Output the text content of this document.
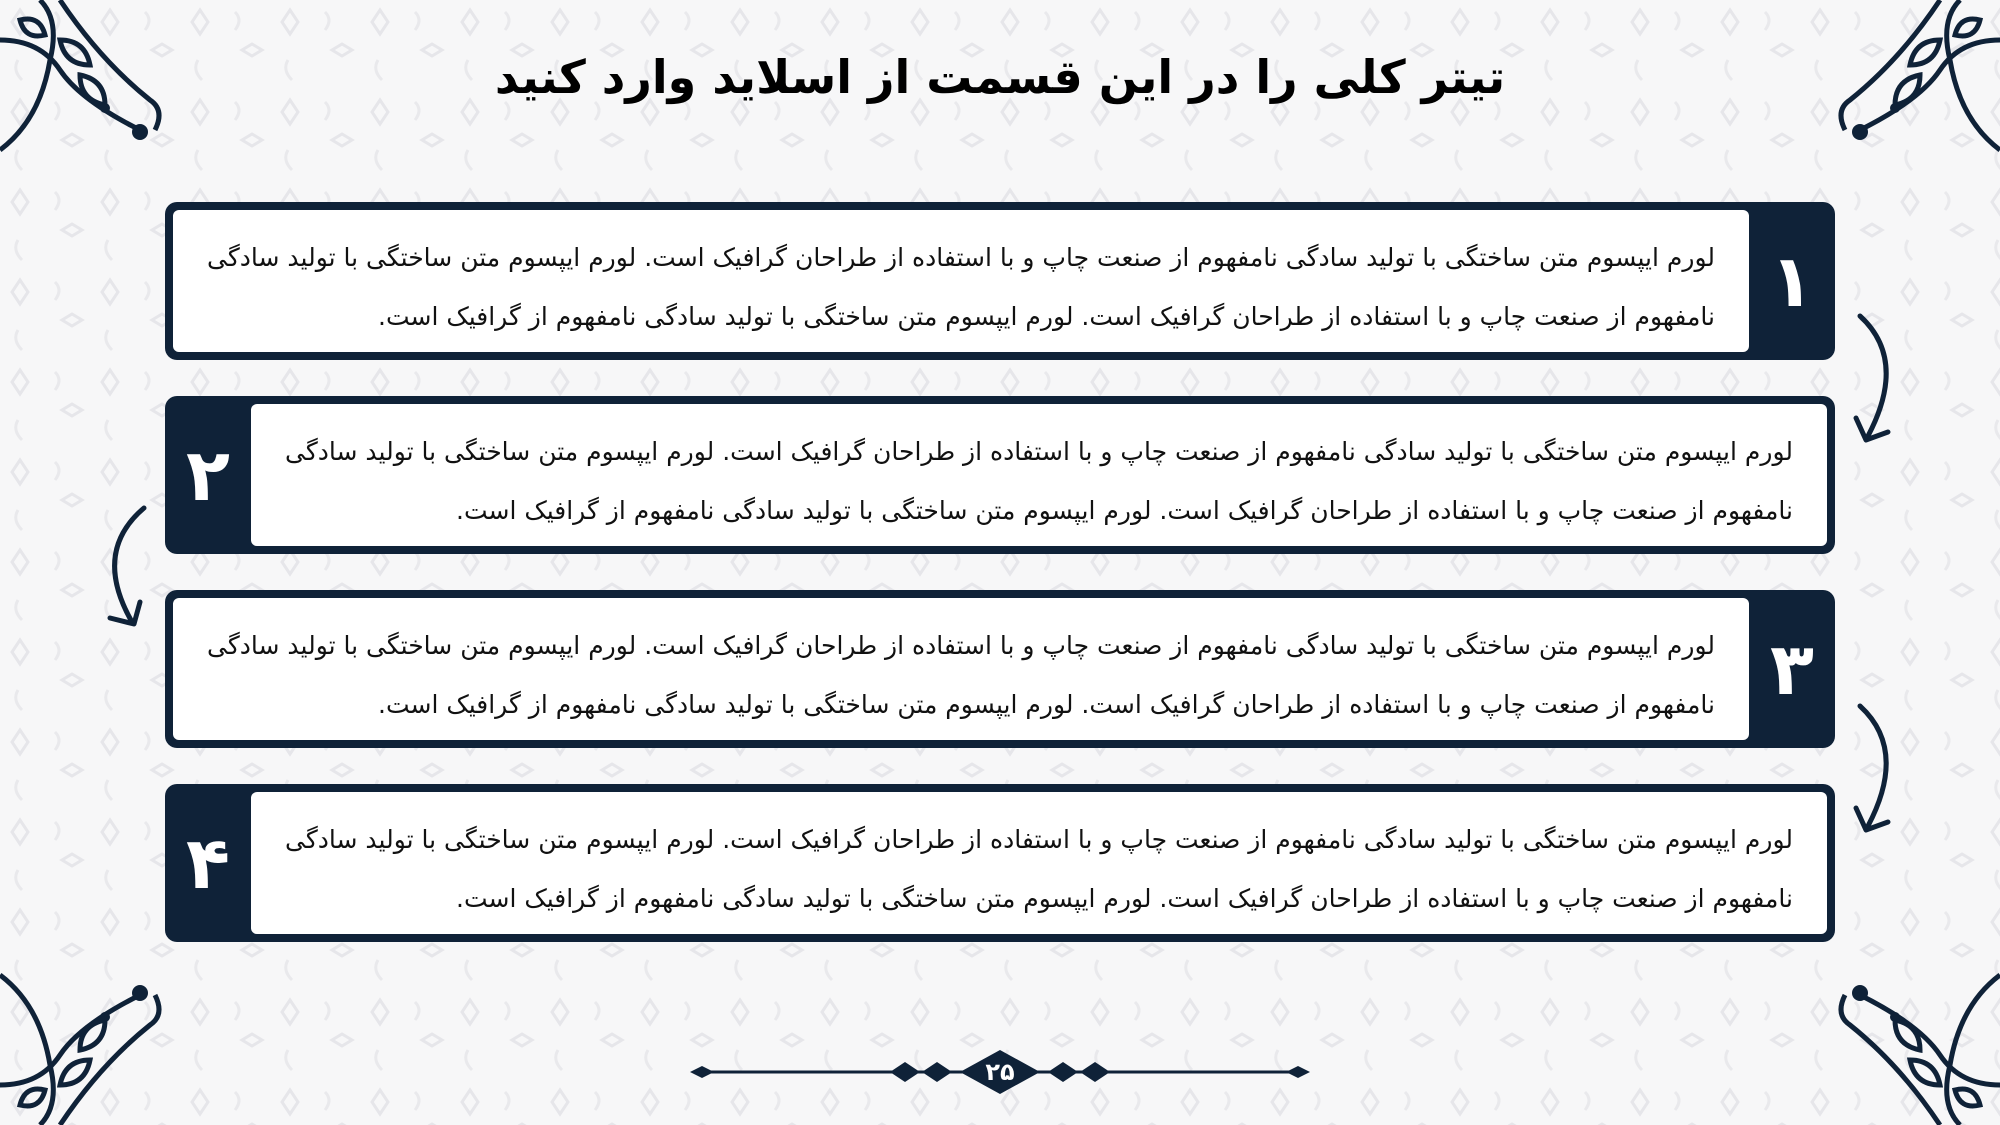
تیتر کلی را در این قسمت از اسلاید وارد کنید
لورم ایپسوم متن ساختگی با تولید سادگی نامفهوم از صنعت چاپ و با استفاده از طراحان گرافیک است. لورم ایپسوم متن ساختگی با تولید سادگی نامفهوم از صنعت چاپ و با استفاده از طراحان گرافیک است. لورم ایپسوم متن ساختگی با تولید سادگی نامفهوم از گرافیک است. ۱
لورم ایپسوم متن ساختگی با تولید سادگی نامفهوم از صنعت چاپ و با استفاده از طراحان گرافیک است. لورم ایپسوم متن ساختگی با تولید سادگی نامفهوم از صنعت چاپ و با استفاده از طراحان گرافیک است. لورم ایپسوم متن ساختگی با تولید سادگی نامفهوم از گرافیک است.
۲
لورم ایپسوم متن ساختگی با تولید سادگی نامفهوم از صنعت چاپ و با استفاده از طراحان گرافیک است. لورم ایپسوم متن ساختگی با تولید سادگی نامفهوم از صنعت چاپ و با استفاده از طراحان گرافیک است. لورم ایپسوم متن ساختگی با تولید سادگی نامفهوم از گرافیک است. ۳
لورم ایپسوم متن ساختگی با تولید سادگی نامفهوم از صنعت چاپ و با استفاده از طراحان گرافیک است. لورم ایپسوم متن ساختگی با تولید سادگی نامفهوم از صنعت چاپ و با استفاده از طراحان گرافیک است. لورم ایپسوم متن ساختگی با تولید سادگی نامفهوم از گرافیک است.
۴
۲۵
